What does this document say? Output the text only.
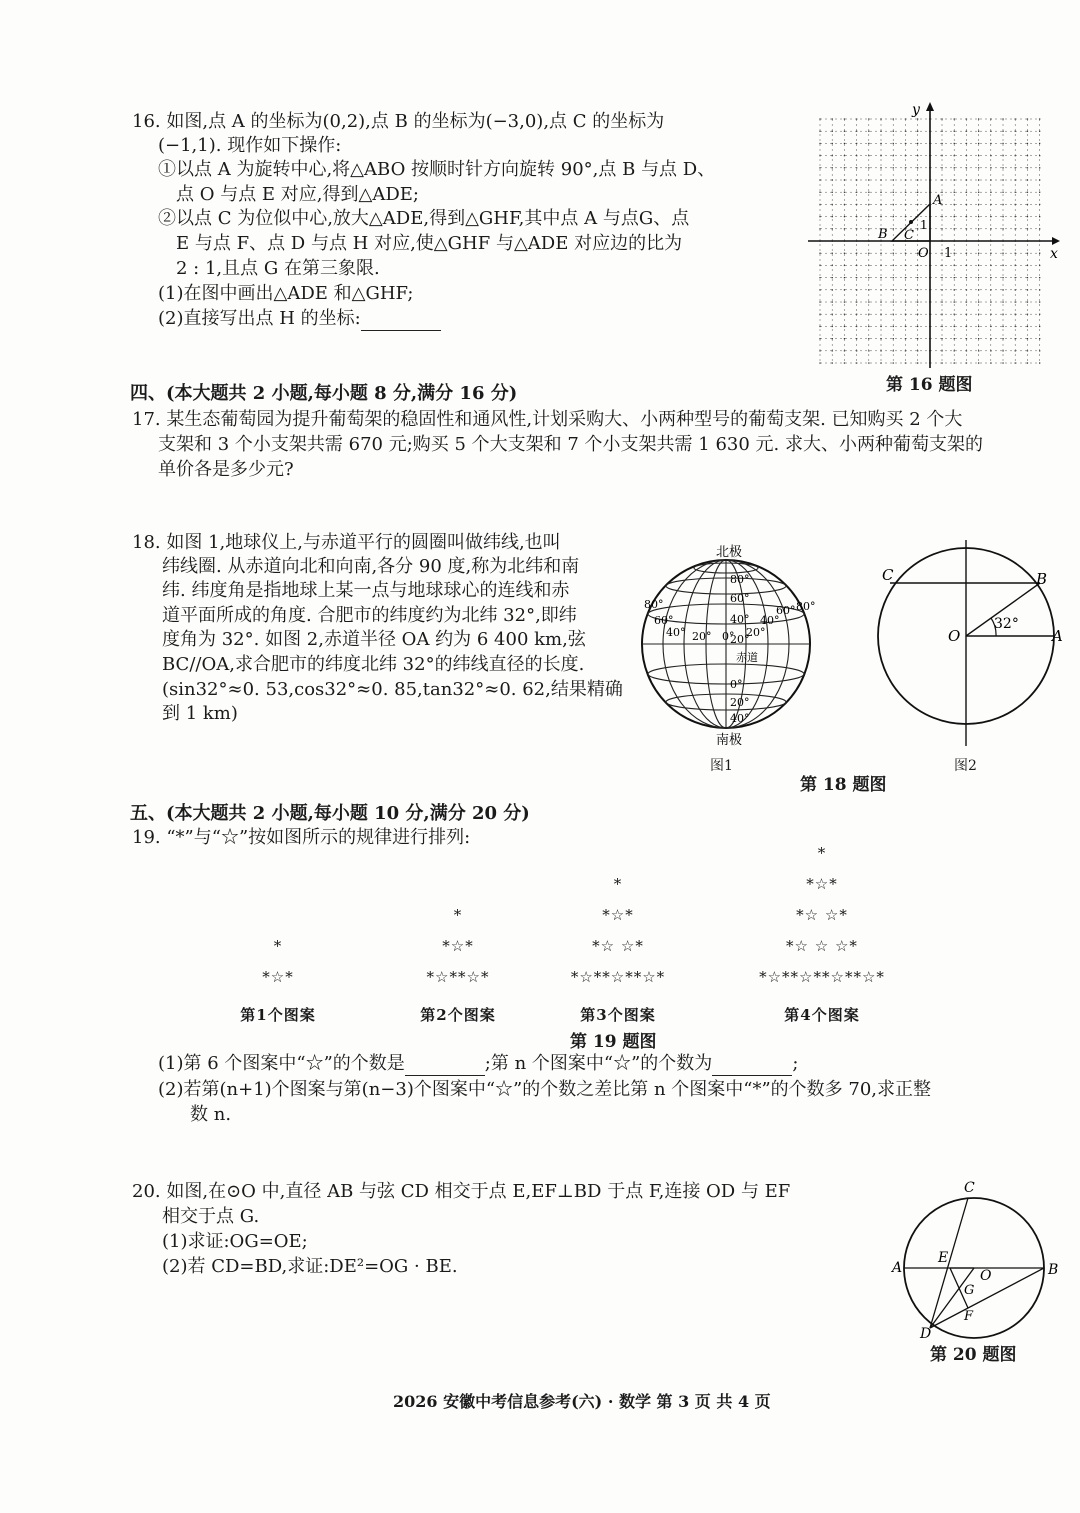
16. 如图,点 A 的坐标为(0,2),点 B 的坐标为(−3,0),点 C 的坐标为
(−1,1). 现作如下操作:
①以点 A 为旋转中心,将△ABO 按顺时针方向旋转 90°,点 B 与点 D、
点 O 与点 E 对应,得到△ADE;
②以点 C 为位似中心,放大△ADE,得到△GHF,其中点 A 与点G、点
E 与点 F、点 D 与点 H 对应,使△GHF 与△ADE 对应边的比为
2 : 1,且点 G 在第三象限.
(1)在图中画出△ADE 和△GHF;
(2)直接写出点 H 的坐标:
x
y
O 1
1
A
B C
第 16 题图
四、(本大题共 2 小题,每小题 8 分,满分 16 分)
17. 某生态葡萄园为提升葡萄架的稳固性和通风性,计划采购大、小两种型号的葡萄支架. 已知购买 2 个大
支架和 3 个小支架共需 670 元;购买 5 个大支架和 7 个小支架共需 1 630 元. 求大、小两种葡萄支架的
单价各是多少元?
18. 如图 1,地球仪上,与赤道平行的圆圈叫做纬线,也叫
纬线圈. 从赤道向北和向南,各分 90 度,称为北纬和南
纬. 纬度角是指地球上某一点与地球球心的连线和赤
道平面所成的角度. 合肥市的纬度约为北纬 32°,即纬
度角为 32°. 如图 2,赤道半径 OA 约为 6 400 km,弦
BC//OA,求合肥市的纬度北纬 32°的纬线直径的长度.
(sin32°≈0. 53,cos32°≈0. 85,tan32°≈0. 62,结果精确
到 1 km)
北极
南极
80°
60°
40°
20°
0°
20°
40°
80°
60°
40° 20° 0° 20°
40°
60° 80°
赤道
图1
C	B
O	A
32°
图2
第 18 题图
五、(本大题共 2 小题,每小题 10 分,满分 20 分)
19. “*”与“☆”按如图所示的规律进行排列:
*
*☆*
第1个图案
*
*☆*
*☆**☆*
第2个图案
*
*☆*
*☆ ☆*
*☆**☆**☆*
第3个图案
*
*☆*
*☆ ☆*
*☆ ☆ ☆*
*☆**☆**☆**☆*
第4个图案
第 19 题图
(1)第 6 个图案中“☆”的个数是	;第 n 个图案中“☆”的个数为	;
(2)若第(n+1)个图案与第(n−3)个图案中“☆”的个数之差比第 n 个图案中“*”的个数多 70,求正整
数 n.
20. 如图,在⊙O 中,直径 AB 与弦 CD 相交于点 E,EF⊥BD 于点 F,连接 OD 与 EF
相交于点 G.
(1)求证:OG=OE;
(2)若 CD=BD,求证:DE²=OG · BE.
C
A	B
D
E
O
G
F
第 20 题图
2026 安徽中考信息参考(六) · 数学 第 3 页 共 4 页
